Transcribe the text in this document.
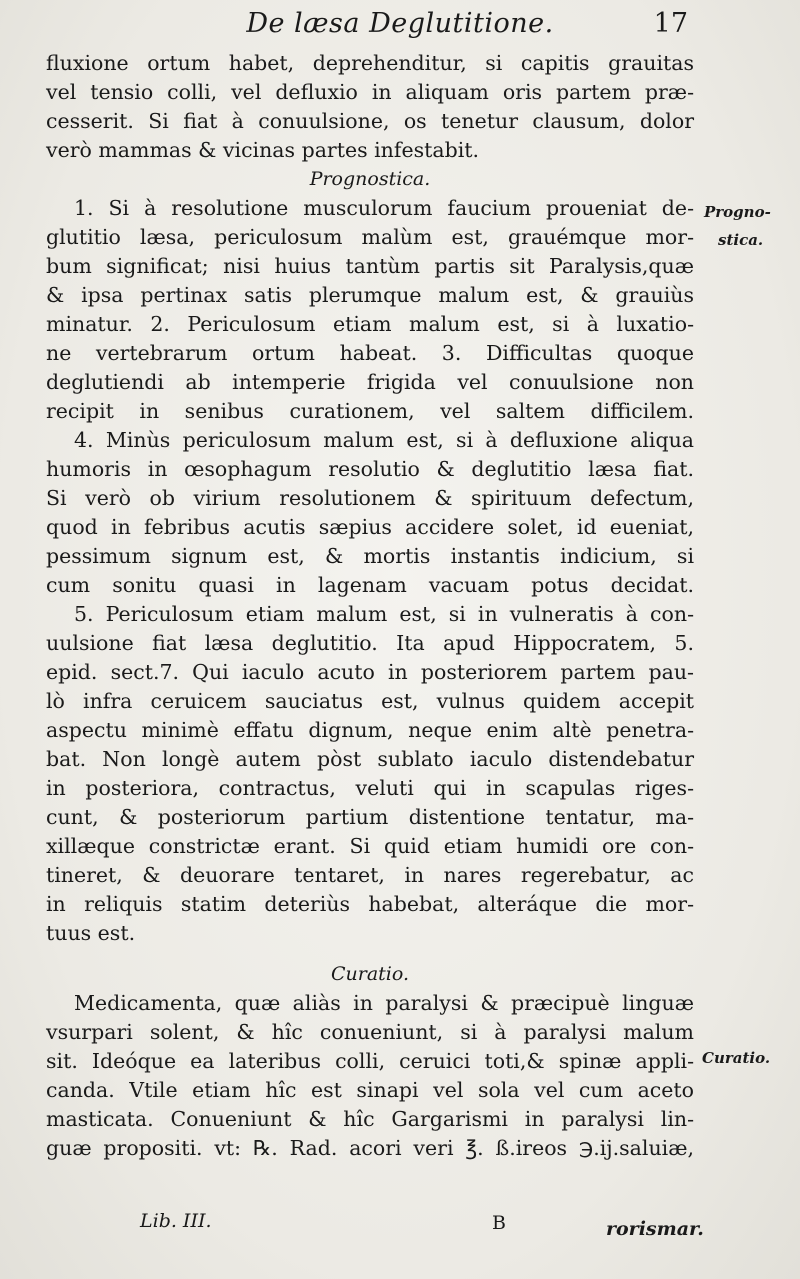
De læsa Deglutitione.	17
fluxione ortum habet, deprehenditur, si capitis grauitas
vel tensio colli, vel defluxio in aliquam oris partem præ-
cesserit. Si fiat à conuulsione, os tenetur clausum, dolor
verò mammas & vicinas partes infestabit.
Prognostica.
1. Si à resolutione musculorum faucium proueniat de-
glutitio læsa, periculosum malùm est, grauémque mor-
bum significat; nisi huius tantùm partis sit Paralysis,quæ
& ipsa pertinax satis plerumque malum est, & grauiùs
minatur. 2. Periculosum etiam malum est, si à luxatio-
ne vertebrarum ortum habeat. 3. Difficultas quoque
deglutiendi ab intemperie frigida vel conuulsione non
recipit in senibus curationem, vel saltem difficilem.
4. Minùs periculosum malum est, si à defluxione aliqua
humoris in œsophagum resolutio & deglutitio læsa fiat.
Si verò ob virium resolutionem & spirituum defectum,
quod in febribus acutis sæpius accidere solet, id eueniat,
pessimum signum est, & mortis instantis indicium, si
cum sonitu quasi in lagenam vacuam potus decidat.
5. Periculosum etiam malum est, si in vulneratis à con-
uulsione fiat læsa deglutitio. Ita apud Hippocratem, 5.
epid. sect.7. Qui iaculo acuto in posteriorem partem pau-
lò infra ceruicem sauciatus est, vulnus quidem accepit
aspectu minimè effatu dignum, neque enim altè penetra-
bat. Non longè autem pòst sublato iaculo distendebatur
in posteriora, contractus, veluti qui in scapulas riges-
cunt, & posteriorum partium distentione tentatur, ma-
xillæque constrictæ erant. Si quid etiam humidi ore con-
tineret, & deuorare tentaret, in nares regerebatur, ac
in reliquis statim deteriùs habebat, alteráque die mor-
tuus est.
Curatio.
Medicamenta, quæ aliàs in paralysi & præcipuè linguæ
vsurpari solent, & hîc conueniunt, si à paralysi malum
sit. Ideóque ea lateribus colli, ceruici toti,& spinæ appli-
canda. Vtile etiam hîc est sinapi vel sola vel cum aceto
masticata. Conueniunt & hîc Gargarismi in paralysi lin-
guæ propositi. vt: ℞. Rad. acori veri ℥. ß.ireos ℈.ij.saluiæ,
Progno-
stica.
Curatio.
Lib. III.	B	rorismar.
